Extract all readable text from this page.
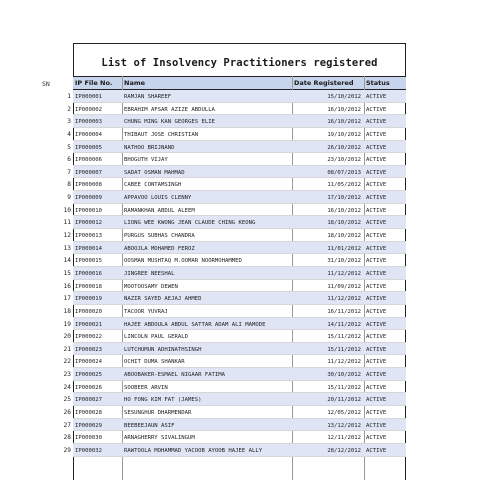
List of Insolvency Practitioners registered
SN	IP File No. Name	Date Registered Status
1 IP000001	RAMJAN SHAREEF	15/10/2012 ACTIVE
2 IP000002	EBRAHIM AFSAR AZIZE ABDULLA	16/10/2012 ACTIVE
3 IP000003	CHUNG MING KAN GEORGES ELIE	16/10/2012 ACTIVE
4 IP000004	THIBAUT JOSE CHRISTIAN	19/10/2012 ACTIVE
5 IP000005	NATHOO BRIJNAND	26/10/2012 ACTIVE
6 IP000006	BHOGUTH VIJAY	23/10/2012 ACTIVE
7 IP000007	SADAT OSMAN MAHMAD	08/07/2013 ACTIVE
8 IP000008	CABEE CONTAMSINGH	11/05/2012 ACTIVE
9 IP000009	APPAVOO LOUIS CLENNY	17/10/2012 ACTIVE
10 IP000010	RAMANKHAN ABDUL ALEEM	16/10/2012 ACTIVE
11 IP000012	LIONG WEE KWONG JEAN CLAUDE CHING KEONG	18/10/2012 ACTIVE
12 IP000013	PURGUS SUBHAS CHANDRA	18/10/2012 ACTIVE
13 IP000014	ABOOJLA MOHAMED FEROZ	11/01/2012 ACTIVE
14 IP000015	OOSMAN MUSHTAQ M.OOMAR NOORMOHAMMED	31/10/2012 ACTIVE
15 IP000016	JINGREE NEESHAL	11/12/2012 ACTIVE
16 IP000018	MOOTOOSAMY DEWEN	11/09/2012 ACTIVE
17 IP000019	NAZIR SAYED AEJAJ AHMED	11/12/2012 ACTIVE
18 IP000020	TACOOR YUVRAJ	16/11/2012 ACTIVE
19 IP000021	HAJEE ABDOULA ABDUL SATTAR ADAM ALI MAMODE	14/11/2012 ACTIVE
20 IP000022	LINCOLN PAUL GERALD	15/11/2012 ACTIVE
21 IP000023	LUTCHUMUN ADHINATHSINGH	15/11/2012 ACTIVE
22 IP000024	OCHIT DUMA SHANKAR	11/12/2012 ACTIVE
23 IP000025	ABOOBAKER-ESMAEL NIGAAR FATIMA	30/10/2012 ACTIVE
24 IP000026	SOOBEER ARVIN	15/11/2012 ACTIVE
25 IP000027	HO FONG KIM FAT (JAMES)	20/11/2012 ACTIVE
26 IP000028	SESUNGHUR DHARMENDAR	12/05/2012 ACTIVE
27 IP000029	BEEBEEJAUN ASIF	13/12/2012 ACTIVE
28 IP000030	ARNAGHERRY SIVALINGUM	12/11/2012 ACTIVE
29 IP000032	RAWTOOLA MOHAMMAD YACOOB AYOOB HAJEE ALLY	28/12/2012 ACTIVE
